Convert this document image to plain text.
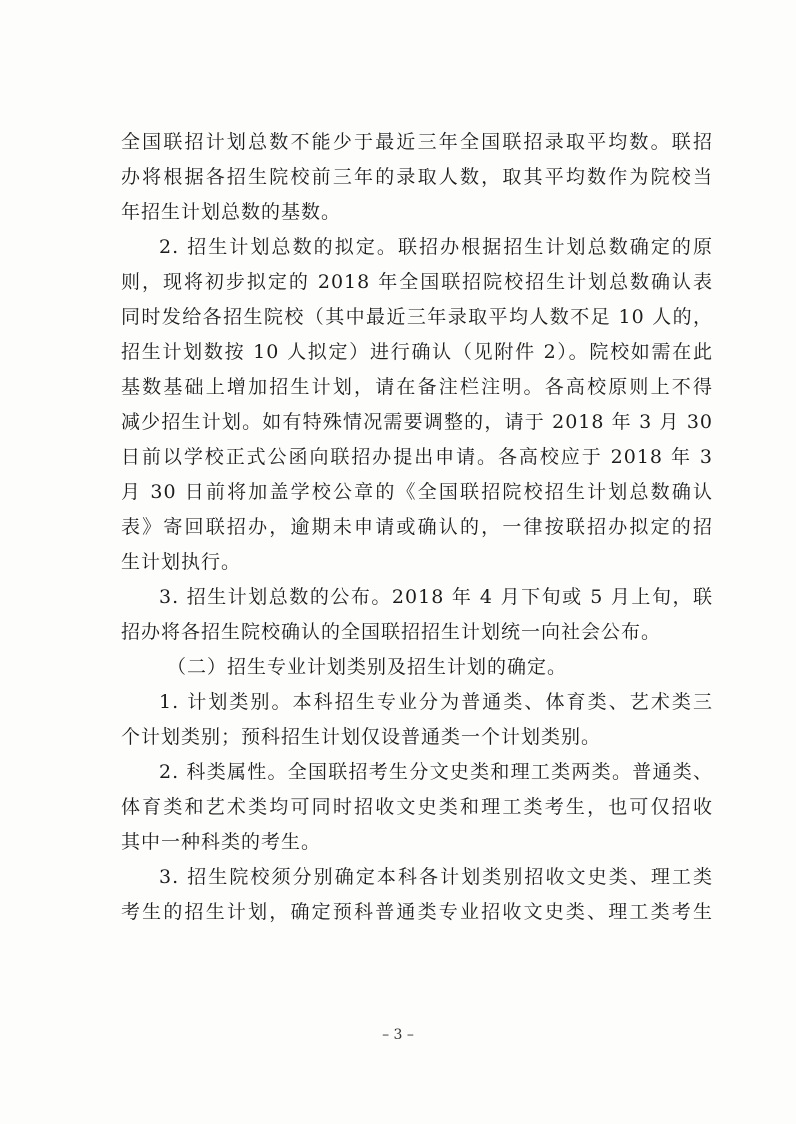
全国联招计划总数不能少于最近三年全国联招录取平均数。联招
办将根据各招生院校前三年的录取人数，取其平均数作为院校当
年招生计划总数的基数。
2. 招生计划总数的拟定。联招办根据招生计划总数确定的原
则，现将初步拟定的 2018 年全国联招院校招生计划总数确认表
同时发给各招生院校（其中最近三年录取平均人数不足 10 人的，
招生计划数按 10 人拟定）进行确认（见附件 2）。院校如需在此
基数基础上增加招生计划，请在备注栏注明。各高校原则上不得
减少招生计划。如有特殊情况需要调整的，请于 2018 年 3 月 30
日前以学校正式公函向联招办提出申请。各高校应于 2018 年 3
月 30 日前将加盖学校公章的《全国联招院校招生计划总数确认
表》寄回联招办，逾期未申请或确认的，一律按联招办拟定的招
生计划执行。
3. 招生计划总数的公布。2018 年 4 月下旬或 5 月上旬，联
招办将各招生院校确认的全国联招招生计划统一向社会公布。
（二）招生专业计划类别及招生计划的确定。
1. 计划类别。本科招生专业分为普通类、体育类、艺术类三
个计划类别；预科招生计划仅设普通类一个计划类别。
2. 科类属性。全国联招考生分文史类和理工类两类。普通类、
体育类和艺术类均可同时招收文史类和理工类考生，也可仅招收
其中一种科类的考生。
3. 招生院校须分别确定本科各计划类别招收文史类、理工类
考生的招生计划，确定预科普通类专业招收文史类、理工类考生
– 3 –
